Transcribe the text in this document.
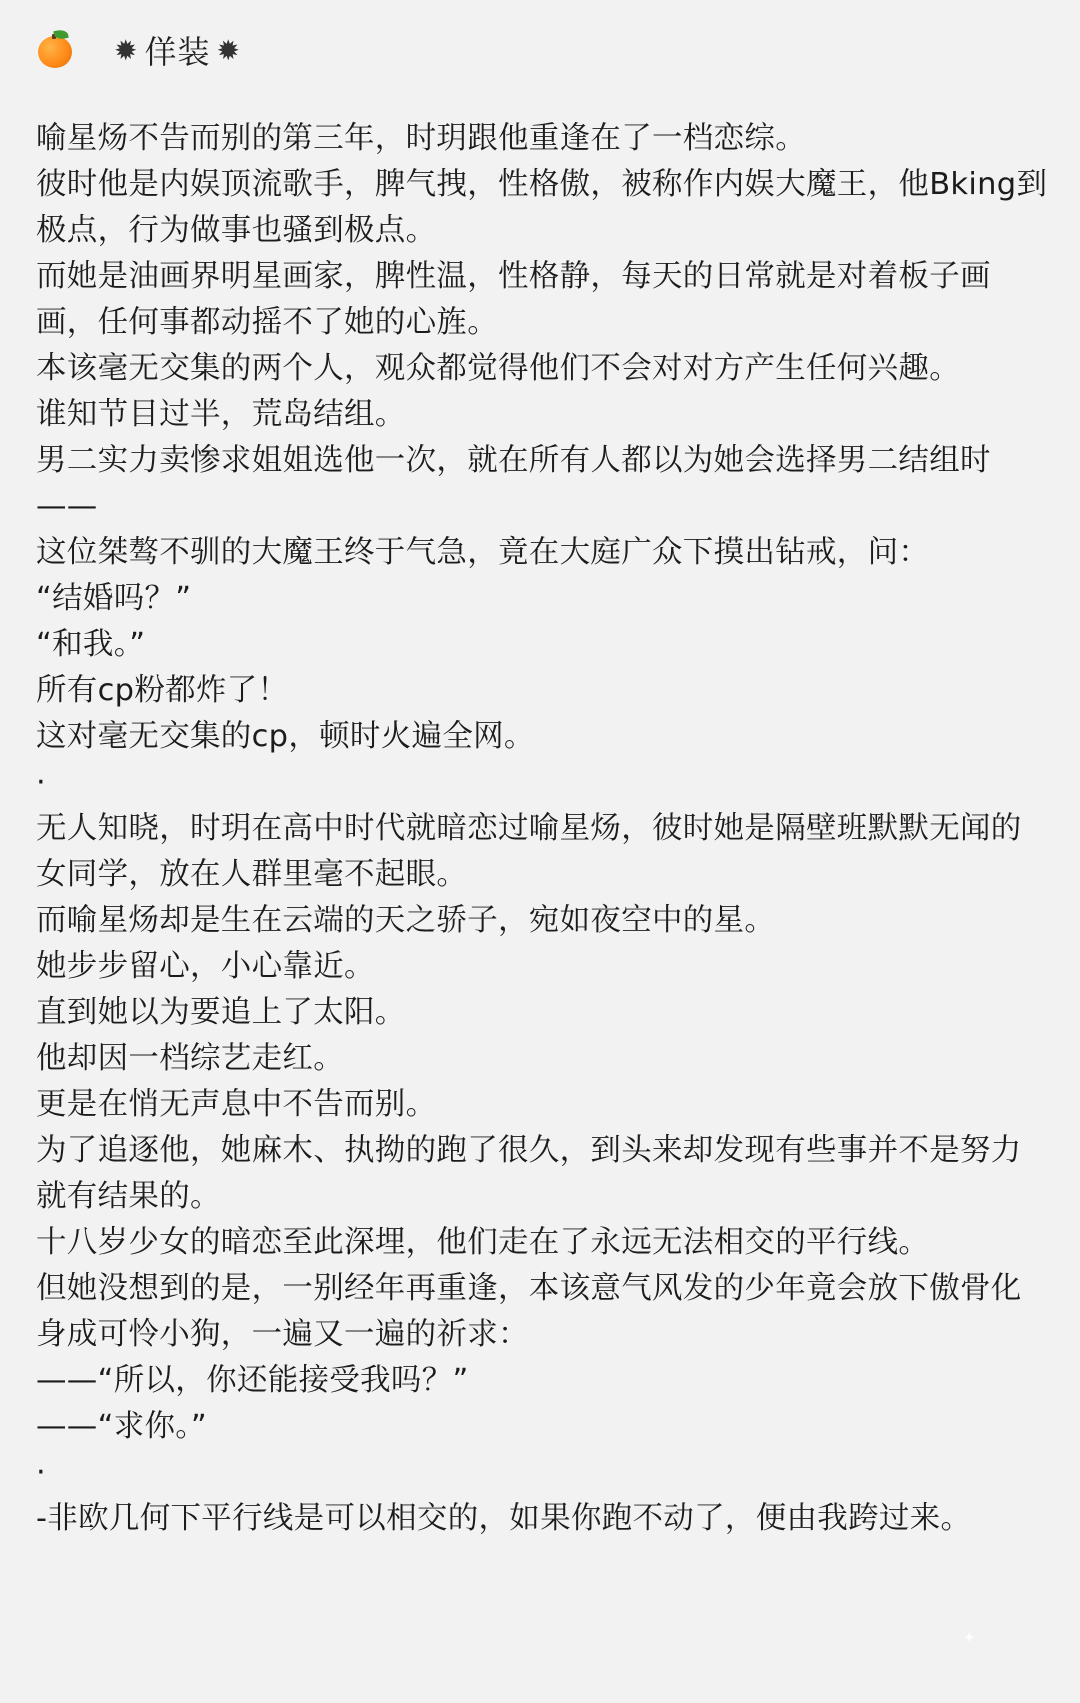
✹ 佯装 ✹

喻星炀不告而别的第三年，时玥跟他重逢在了一档恋综。

彼时他是内娱顶流歌手，脾气拽，性格傲，被称作内娱大魔王，他Bking到极点，行为做事也骚到极点。

而她是油画界明星画家，脾性温，性格静，每天的日常就是对着板子画画，任何事都动摇不了她的心旌。

本该毫无交集的两个人，观众都觉得他们不会对对方产生任何兴趣。

谁知节目过半，荒岛结组。

男二实力卖惨求姐姐选他一次，就在所有人都以为她会选择男二结组时——

这位桀骜不驯的大魔王终于气急，竟在大庭广众下摸出钻戒，问：

“结婚吗？”

“和我。”

所有cp粉都炸了！

这对毫无交集的cp，顿时火遍全网。

·

无人知晓，时玥在高中时代就暗恋过喻星炀，彼时她是隔壁班默默无闻的女同学，放在人群里毫不起眼。

而喻星炀却是生在云端的天之骄子，宛如夜空中的星。

她步步留心，小心靠近。

直到她以为要追上了太阳。

他却因一档综艺走红。

更是在悄无声息中不告而别。

为了追逐他，她麻木、执拗的跑了很久，到头来却发现有些事并不是努力就有结果的。

十八岁少女的暗恋至此深埋，他们走在了永远无法相交的平行线。

但她没想到的是，一别经年再重逢，本该意气风发的少年竟会放下傲骨化身成可怜小狗，一遍又一遍的祈求：

——“所以，你还能接受我吗？”

——“求你。”

·

-非欧几何下平行线是可以相交的，如果你跑不动了，便由我跨过来。

✦
